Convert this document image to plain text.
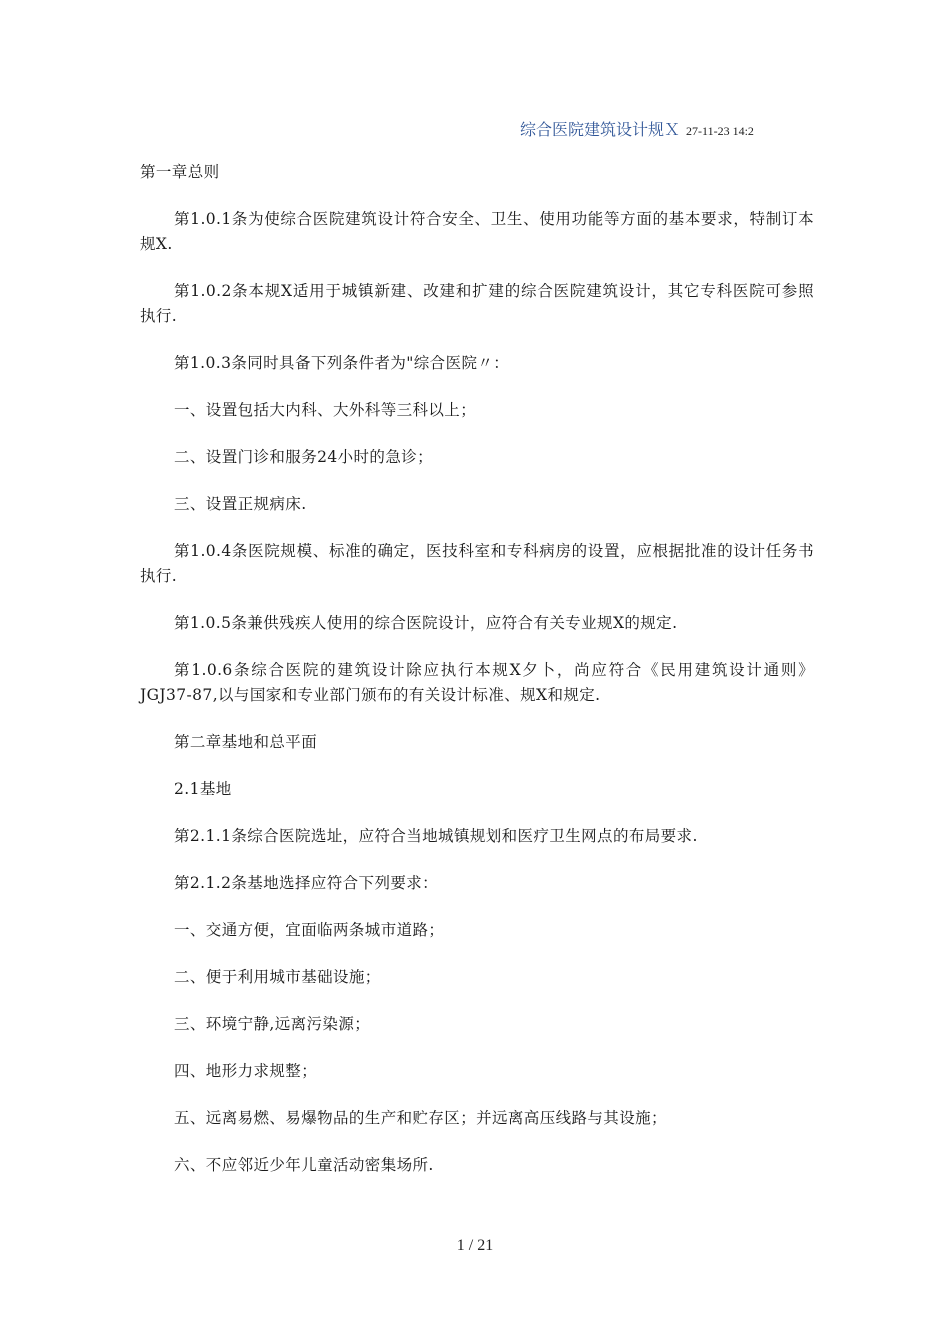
综合医院建筑设计规Ｘ 27-11-23 14:2

第一章总则

第1.0.1条为使综合医院建筑设计符合安全、卫生、使用功能等方面的基本要求，特制订本规X.

第1.0.2条本规X适用于城镇新建、改建和扩建的综合医院建筑设计，其它专科医院可参照执行.

第1.0.3条同时具备下列条件者为"综合医院〃：

一、设置包括大内科、大外科等三科以上；

二、设置门诊和服务24小时的急诊；

三、设置正规病床.

第1.0.4条医院规模、标准的确定，医技科室和专科病房的设置，应根据批准的设计任务书执行.

第1.0.5条兼供残疾人使用的综合医院设计，应符合有关专业规X的规定.

第1.0.6条综合医院的建筑设计除应执行本规X夕卜，尚应符合《民用建筑设计通则》JGJ37-87,以与国家和专业部门颁布的有关设计标准、规X和规定.

第二章基地和总平面

2.1基地

第2.1.1条综合医院选址，应符合当地城镇规划和医疗卫生网点的布局要求.

第2.1.2条基地选择应符合下列要求：

一、交通方便，宜面临两条城市道路；

二、便于利用城市基础设施；

三、环境宁静,远离污染源；

四、地形力求规整；

五、远离易燃、易爆物品的生产和贮存区；并远离高压线路与其设施；

六、不应邻近少年儿童活动密集场所.

1 / 21
